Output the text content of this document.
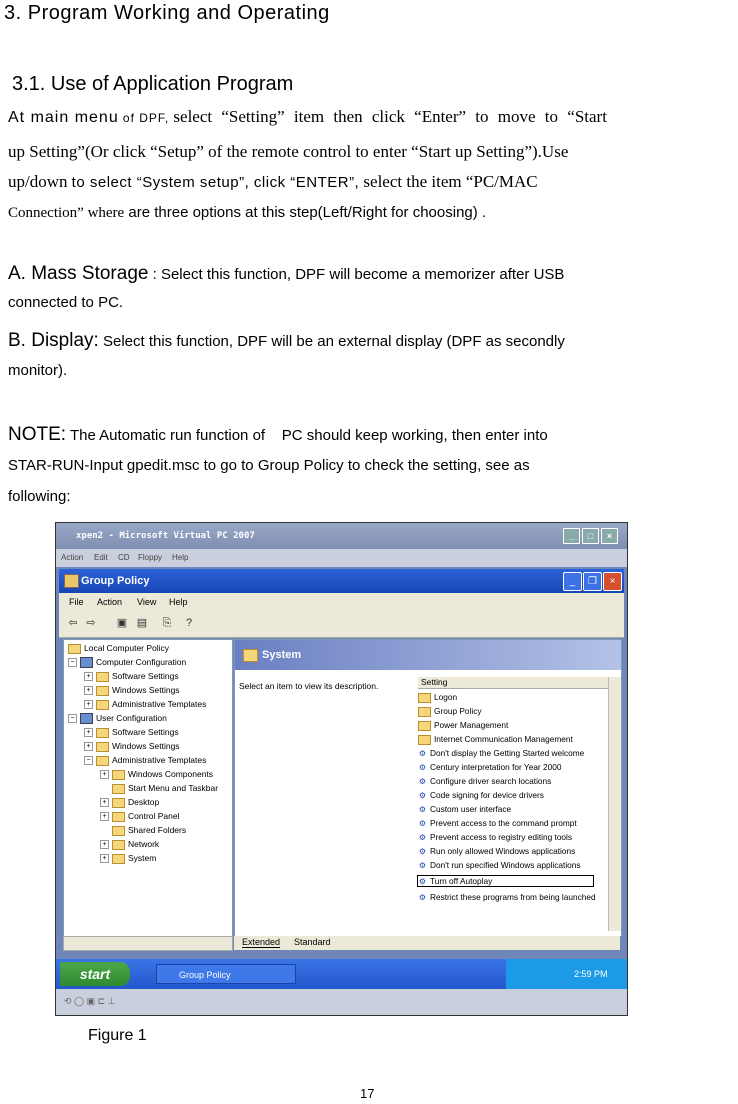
3. Program Working and Operating
3.1. Use of Application Program
At main menu of DPF, select “Setting” item then click “Enter” to move to “Start
up Setting”(Or click “Setup” of the remote control to enter “Start up Setting”).Use
up/down to select “System setup”, click “ENTER”, select the item “PC/MAC
Connection” where are three options at this step(Left/Right for choosing) .
A. Mass Storage : Select this function, DPF will become a memorizer after USB
connected to PC.
B. Display: Select this function, DPF will be an external display (DPF as secondly
monitor).
NOTE: The Automatic run function of    PC should keep working, then enter into
STAR-RUN-Input gpedit.msc to go to Group Policy to check the setting, see as
following:
xpen2 - Microsoft Virtual PC 2007	_	□	×
Action Edit CD Floppy Help
Group Policy	_	❐	×
File Action View Help
⇦ ⇨	▣ ▤	⎘	?
Local Computer Policy
−	Computer Configuration
+	Software Settings
+	Windows Settings
+	Administrative Templates
−	User Configuration
+	Software Settings
+	Windows Settings
−	Administrative Templates
+	Windows Components
Start Menu and Taskbar
+	Desktop
+	Control Panel
Shared Folders
+	Network
+	System
System
Select an item to view its description.	Setting
Logon
Group Policy
Power Management
Internet Communication Management
⚙ Don't display the Getting Started welcome
⚙ Century interpretation for Year 2000
⚙ Configure driver search locations
⚙ Code signing for device drivers
⚙ Custom user interface
⚙ Prevent access to the command prompt
⚙ Prevent access to registry editing tools
⚙ Run only allowed Windows applications
⚙ Don't run specified Windows applications
⚙ Turn off Autoplay
⚙ Restrict these programs from being launched
Extended Standard
start	Group Policy	2:59 PM
⟲ ◯ ▣ ⊏ ⊥
Figure 1
17
